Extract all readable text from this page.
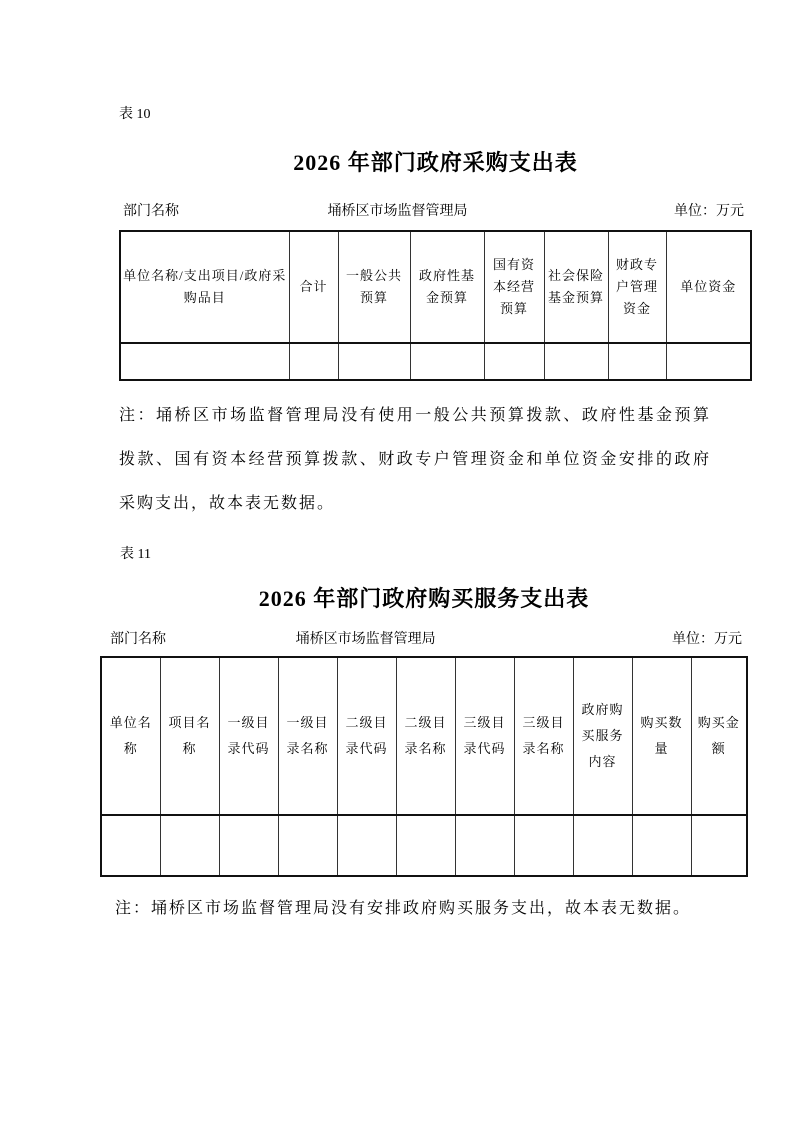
表 10
2026 年部门政府采购支出表
部门名称	埇桥区市场监督管理局	单位：万元
单位名称/支出项目/政府采购品目	合计	一般公共预算	政府性基金预算	国有资本经营预算	社会保险基金预算	财政专户管理资金	单位资金

注：埇桥区市场监督管理局没有使用一般公共预算拨款、政府性基金预算拨款、国有资本经营预算拨款、财政专户管理资金和单位资金安排的政府采购支出，故本表无数据。
表 11
2026 年部门政府购买服务支出表
部门名称	埇桥区市场监督管理局	单位：万元
单位名称	项目名称	一级目录代码	一级目录名称	二级目录代码	二级目录名称	三级目录代码	三级目录名称	政府购买服务内容	购买数量	购买金额

注：埇桥区市场监督管理局没有安排政府购买服务支出，故本表无数据。
